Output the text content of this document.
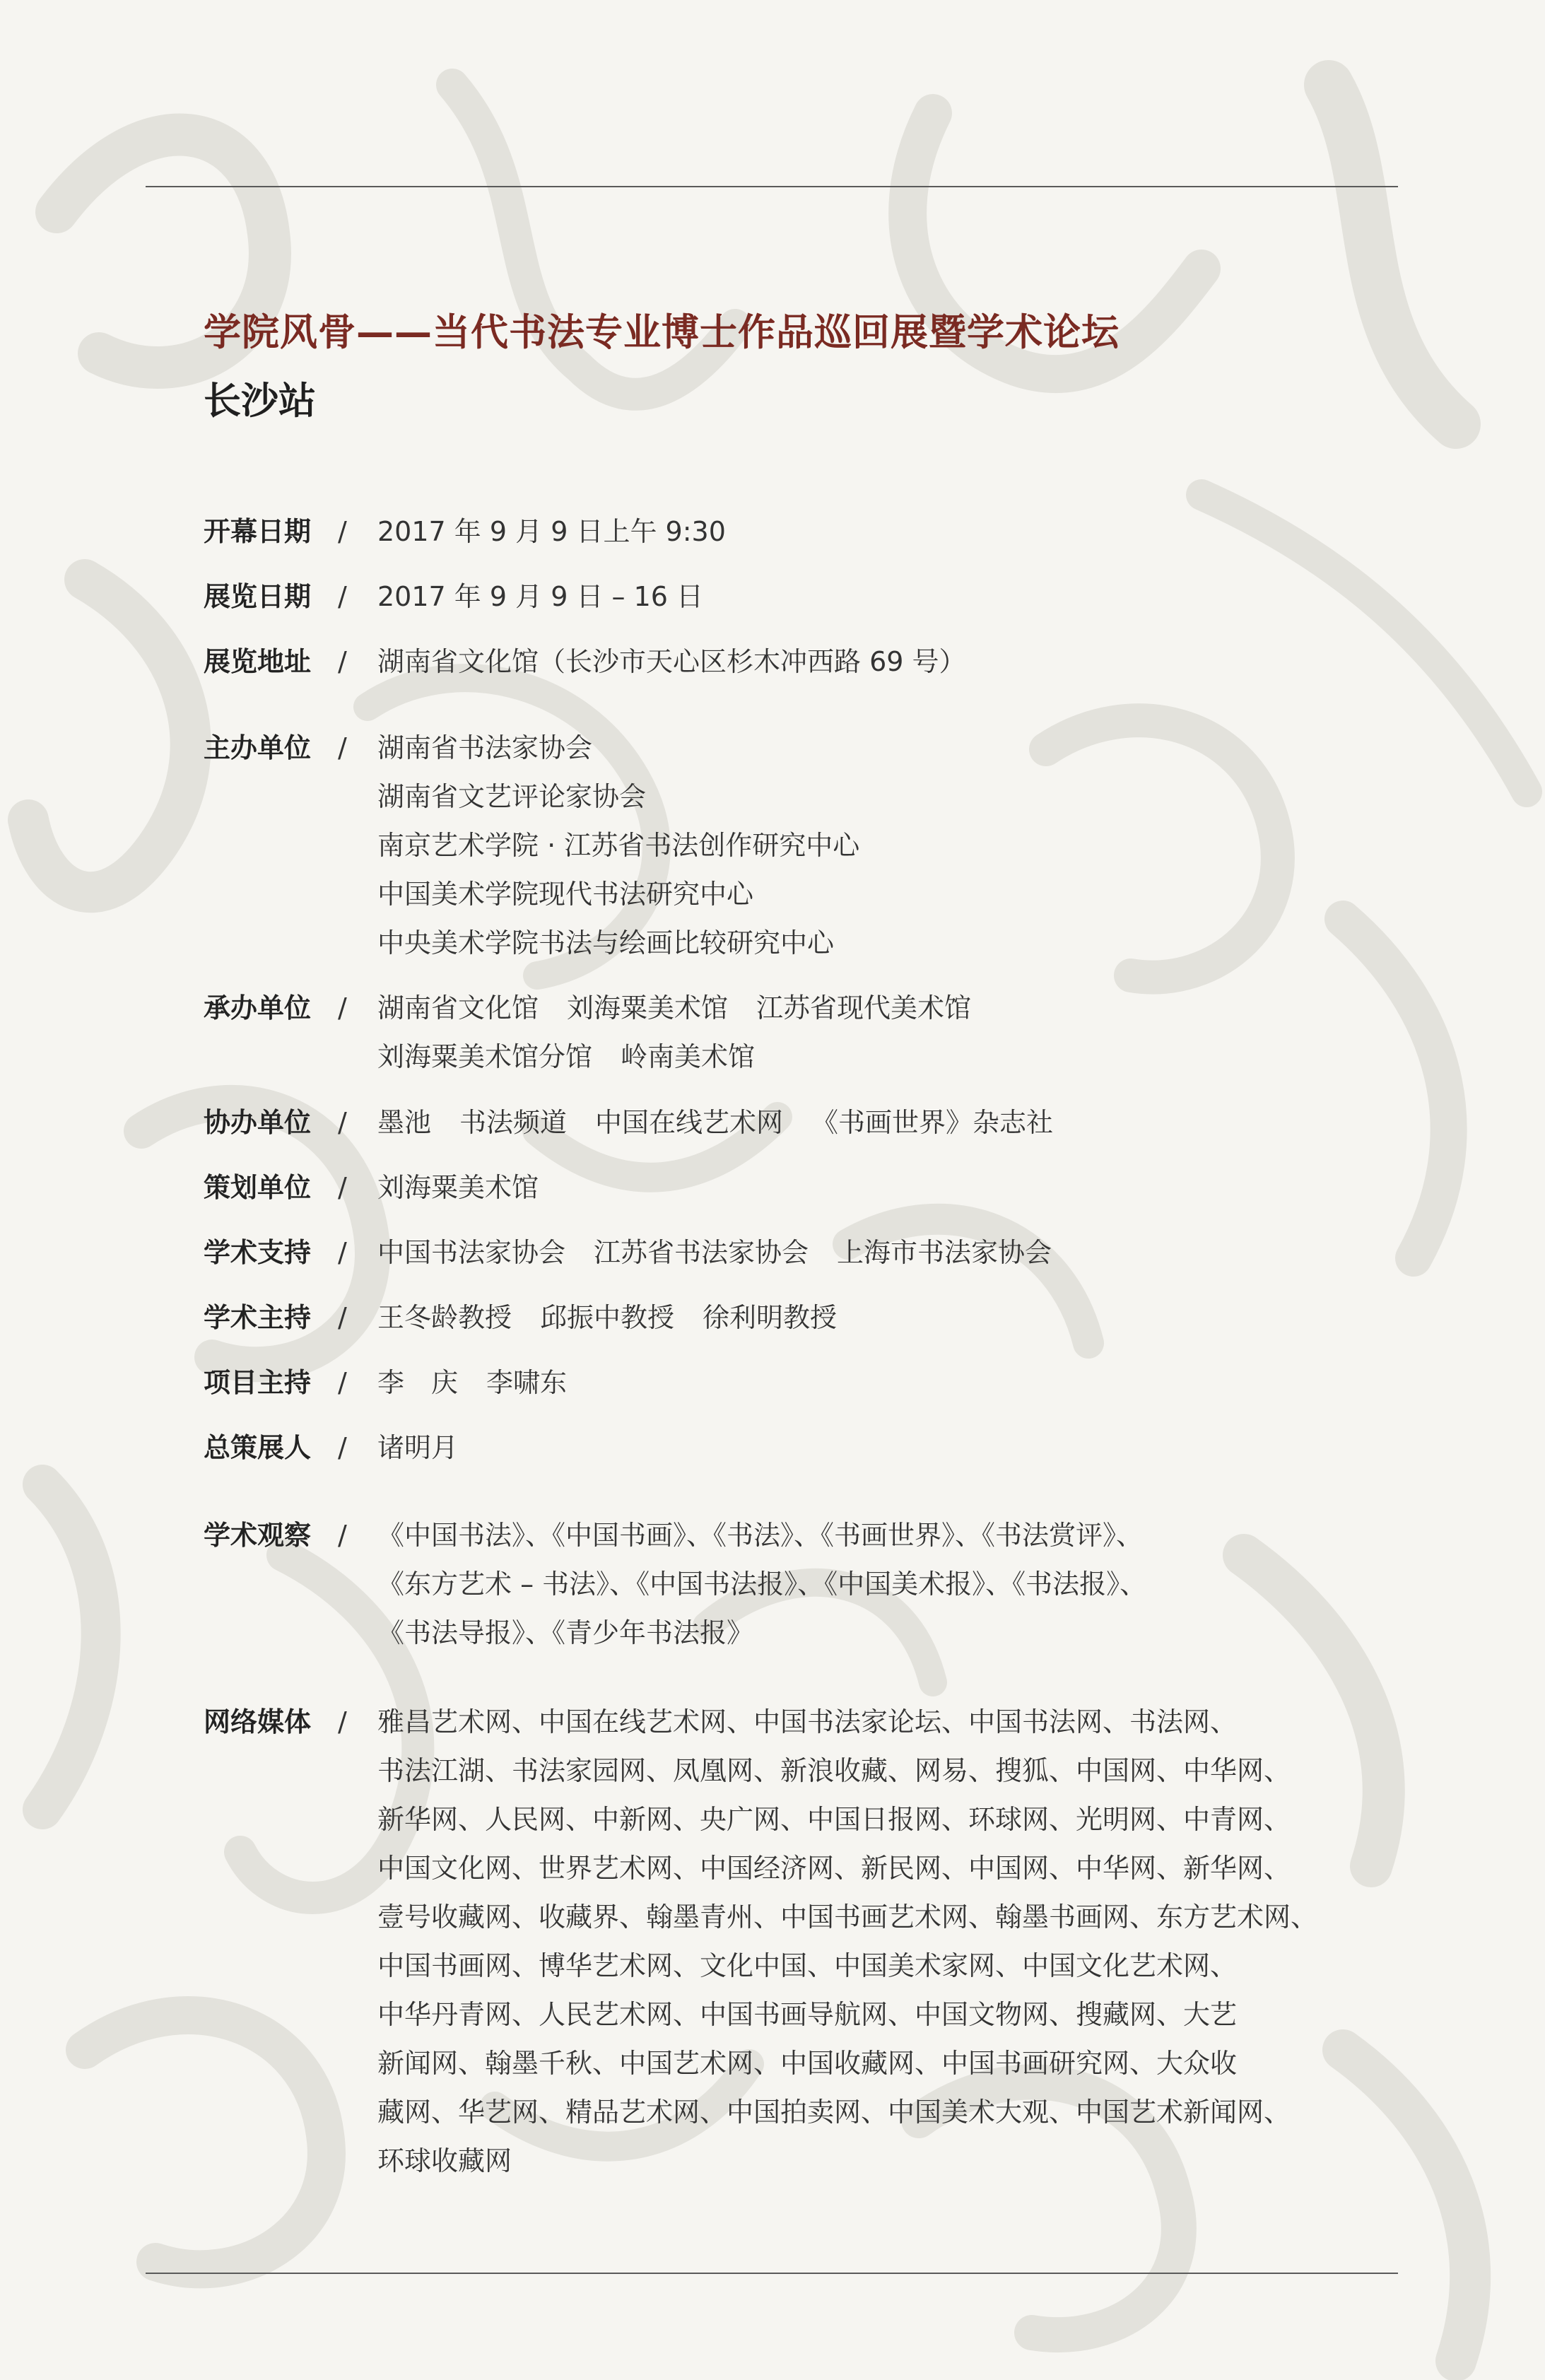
学院风骨——当代书法专业博士作品巡回展暨学术论坛
长沙站
开幕日期 / 2017 年 9 月 9 日上午 9:30
展览日期 / 2017 年 9 月 9 日 – 16 日
展览地址 / 湖南省文化馆（长沙市天心区杉木冲西路 69 号）
主办单位 / 湖南省书法家协会
湖南省文艺评论家协会
南京艺术学院 · 江苏省书法创作研究中心
中国美术学院现代书法研究中心
中央美术学院书法与绘画比较研究中心
承办单位 / 湖南省文化馆 刘海粟美术馆 江苏省现代美术馆
刘海粟美术馆分馆 岭南美术馆
协办单位 / 墨池 书法频道 中国在线艺术网 《书画世界》杂志社
策划单位 / 刘海粟美术馆
学术支持 / 中国书法家协会 江苏省书法家协会 上海市书法家协会
学术主持 / 王冬龄教授 邱振中教授 徐利明教授
项目主持 / 李　庆 李啸东
总策展人 / 诸明月
学术观察 / 《中国书法》、《中国书画》、《书法》、《书画世界》、《书法赏评》、
《东方艺术 – 书法》、《中国书法报》、《中国美术报》、《书法报》、
《书法导报》、《青少年书法报》
网络媒体 / 雅昌艺术网、中国在线艺术网、中国书法家论坛、中国书法网、书法网、
书法江湖、书法家园网、凤凰网、新浪收藏、网易、搜狐、中国网、中华网、
新华网、人民网、中新网、央广网、中国日报网、环球网、光明网、中青网、
中国文化网、世界艺术网、中国经济网、新民网、中国网、中华网、新华网、
壹号收藏网、收藏界、翰墨青州、中国书画艺术网、翰墨书画网、东方艺术网、
中国书画网、博华艺术网、文化中国、中国美术家网、中国文化艺术网、
中华丹青网、人民艺术网、中国书画导航网、中国文物网、搜藏网、大艺
新闻网、翰墨千秋、中国艺术网、中国收藏网、中国书画研究网、大众收
藏网、华艺网、精品艺术网、中国拍卖网、中国美术大观、中国艺术新闻网、
环球收藏网
